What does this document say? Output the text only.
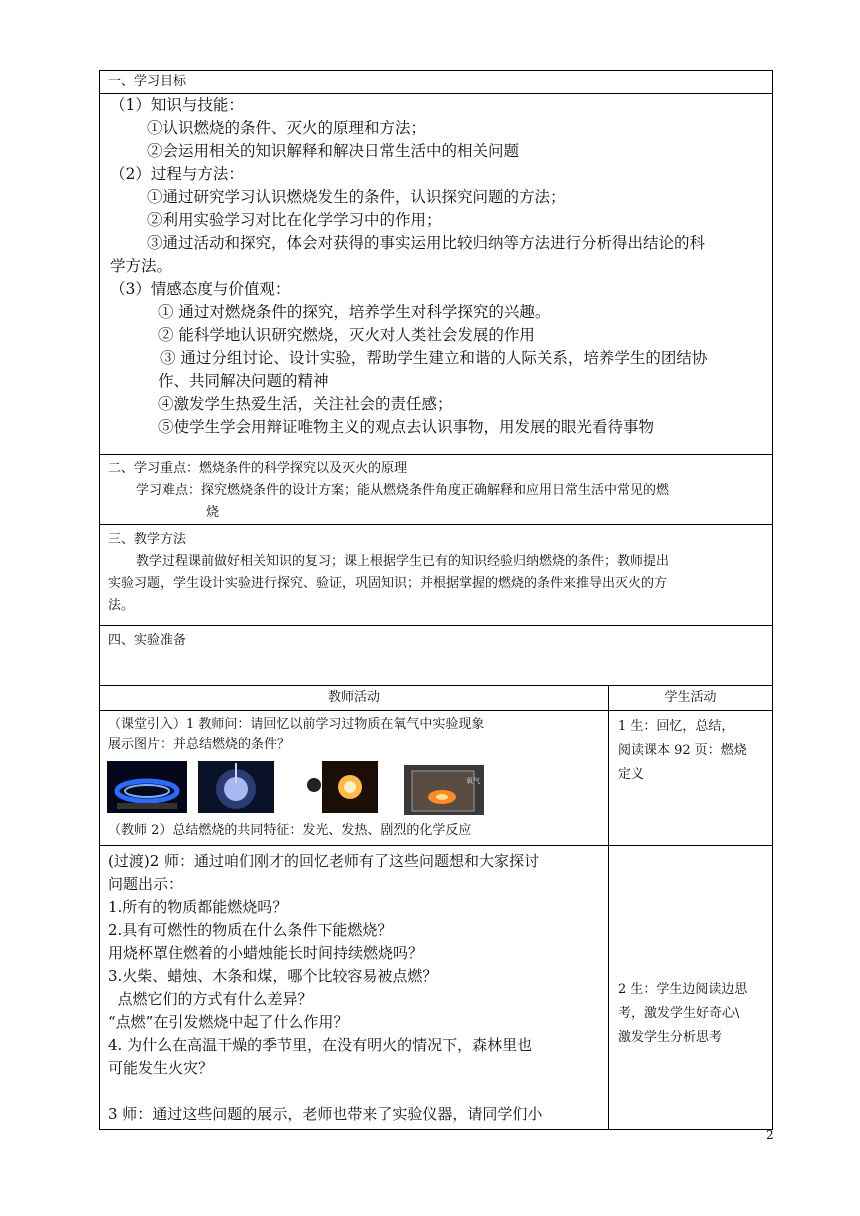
一、学习目标
（1）知识与技能：
①认识燃烧的条件、灭火的原理和方法；
②会运用相关的知识解释和解决日常生活中的相关问题
（2）过程与方法：
①通过研究学习认识燃烧发生的条件，认识探究问题的方法；
②利用实验学习对比在化学学习中的作用；
③通过活动和探究，体会对获得的事实运用比较归纳等方法进行分析得出结论的科
学方法。
（3）情感态度与价值观：
① 通过对燃烧条件的探究，培养学生对科学探究的兴趣。
② 能科学地认识研究燃烧，灭火对人类社会发展的作用
③ 通过分组讨论、设计实验，帮助学生建立和谐的人际关系，培养学生的团结协
作、共同解决问题的精神
④激发学生热爱生活，关注社会的责任感；
⑤使学生学会用辩证唯物主义的观点去认识事物，用发展的眼光看待事物
二、学习重点：燃烧条件的科学探究以及灭火的原理
学习难点：探究燃烧条件的设计方案；能从燃烧条件角度正确解释和应用日常生活中常见的燃
烧
三、教学方法
教学过程课前做好相关知识的复习；课上根据学生已有的知识经验归纳燃烧的条件；教师提出
实验习题，学生设计实验进行探究、验证，巩固知识；并根据掌握的燃烧的条件来推导出灭火的方
法。
四、实验准备
教师活动	学生活动
（课堂引入）1 教师问：请回忆以前学习过物质在氧气中实验现象
展示图片：并总结燃烧的条件？
氧气
（教师 2）总结燃烧的共同特征：发光、发热、剧烈的化学反应
1 生：回忆，总结，
阅读课本 92 页：燃烧
定义
(过渡)2 师：通过咱们刚才的回忆老师有了这些问题想和大家探讨
问题出示：
1.所有的物质都能燃烧吗？
2.具有可燃性的物质在什么条件下能燃烧？
用烧杯罩住燃着的小蜡烛能长时间持续燃烧吗？
3.火柴、蜡烛、木条和煤，哪个比较容易被点燃？
点燃它们的方式有什么差异？
“点燃”在引发燃烧中起了什么作用？
4. 为什么在高温干燥的季节里，在没有明火的情况下，森林里也
可能发生火灾？
3 师：通过这些问题的展示，老师也带来了实验仪器，请同学们小
2 生：学生边阅读边思
考，激发学生好奇心\
激发学生分析思考
2
